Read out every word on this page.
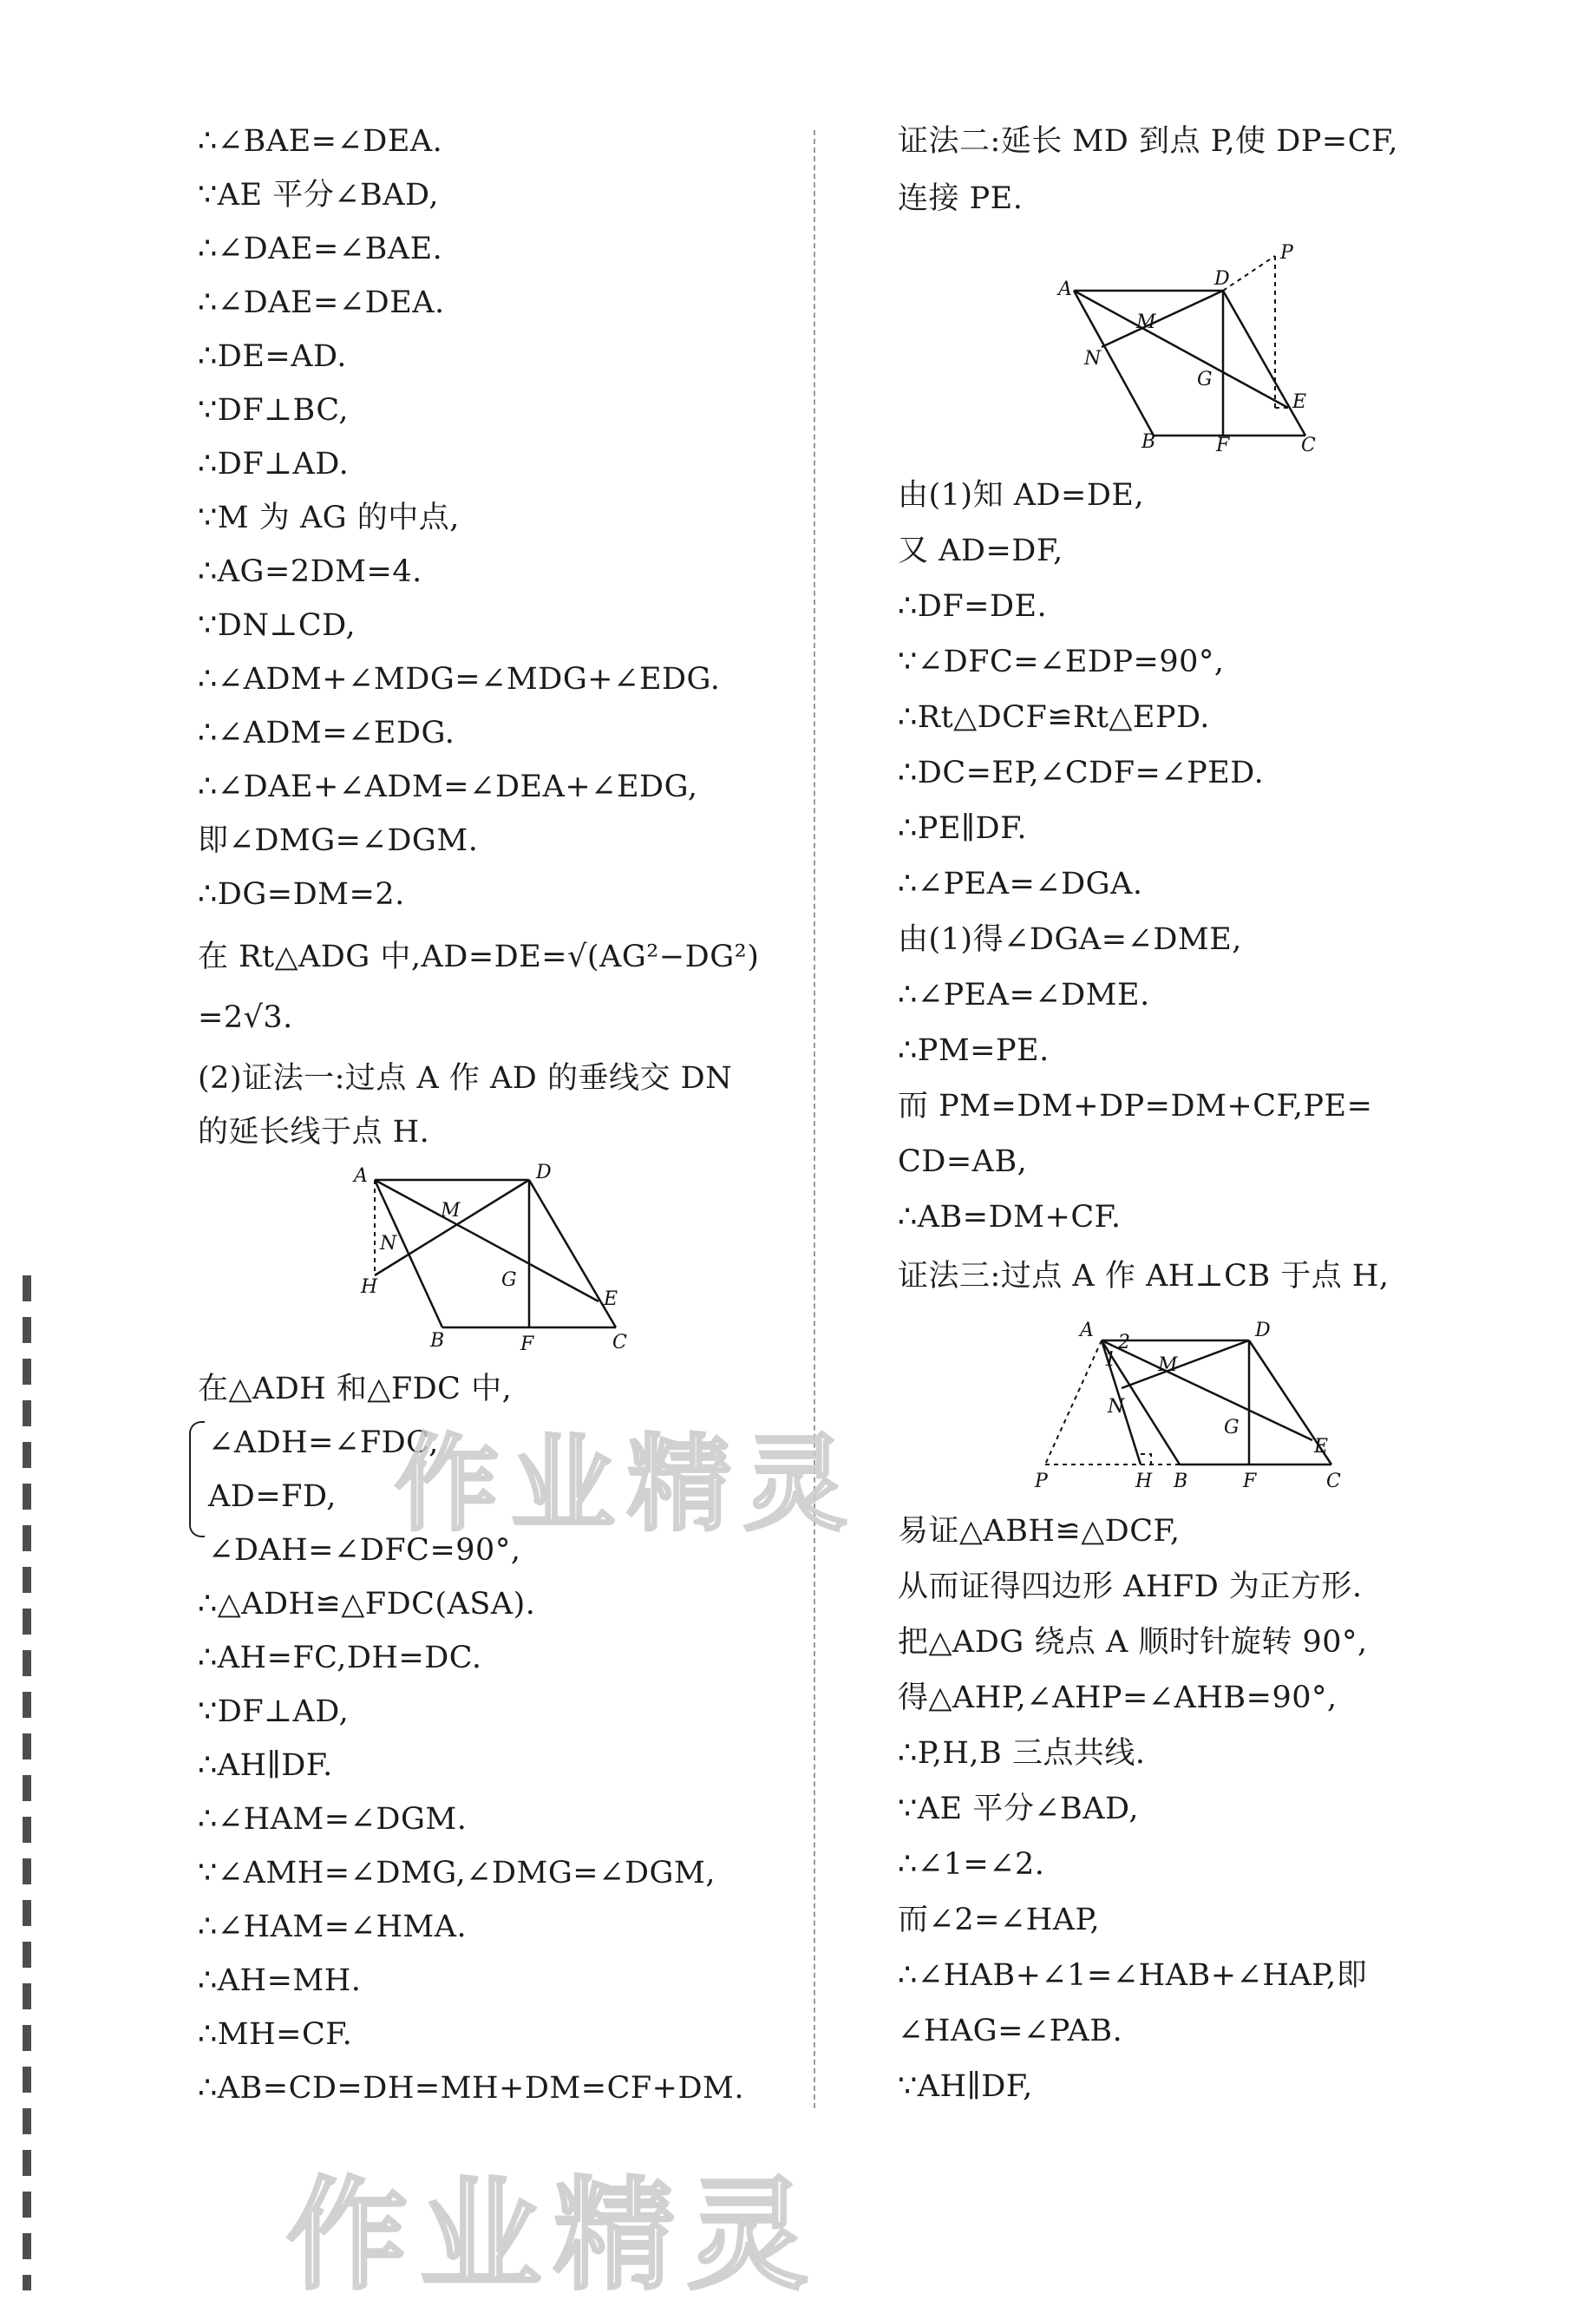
∴∠BAE=∠DEA.
∵AE 平分∠BAD,
∴∠DAE=∠BAE.
∴∠DAE=∠DEA.
∴DE=AD.
∵DF⊥BC,
∴DF⊥AD.
∵M 为 AG 的中点,
∴AG=2DM=4.
∵DN⊥CD,
∴∠ADM+∠MDG=∠MDG+∠EDG.
∴∠ADM=∠EDG.
∴∠DAE+∠ADM=∠DEA+∠EDG,
即∠DMG=∠DGM.
∴DG=DM=2.
在 Rt△ADG 中,AD=DE=√(AG²−DG²)
=2√3.
(2)证法一:过点 A 作 AD 的垂线交 DN
的延长线于点 H.
A	D
M
N
H	G
E
B	F	C
在△ADH 和△FDC 中,
∠ADH=∠FDC,
AD=FD,
∠DAH=∠DFC=90°,
∴△ADH≌△FDC(ASA).
∴AH=FC,DH=DC.
∵DF⊥AD,
∴AH∥DF.
∴∠HAM=∠DGM.
∵∠AMH=∠DMG,∠DMG=∠DGM,
∴∠HAM=∠HMA.
∴AH=MH.
∴MH=CF.
∴AB=CD=DH=MH+DM=CF+DM.
证法二:延长 MD 到点 P,使 DP=CF,
连接 PE.
A	D
P
M
N
G
E
B	F	C
由(1)知 AD=DE,
又 AD=DF,
∴DF=DE.
∵∠DFC=∠EDP=90°,
∴Rt△DCF≌Rt△EPD.
∴DC=EP,∠CDF=∠PED.
∴PE∥DF.
∴∠PEA=∠DGA.
由(1)得∠DGA=∠DME,
∴∠PEA=∠DME.
∴PM=PE.
而 PM=DM+DP=DM+CF,PE=
CD=AB,
∴AB=DM+CF.
证法三:过点 A 作 AH⊥CB 于点 H,
A
1
2
D
M
N
G
E
P	H B	F	C
易证△ABH≌△DCF,
从而证得四边形 AHFD 为正方形.
把△ADG 绕点 A 顺时针旋转 90°,
得△AHP,∠AHP=∠AHB=90°,
∴P,H,B 三点共线.
∵AE 平分∠BAD,
∴∠1=∠2.
而∠2=∠HAP,
∴∠HAB+∠1=∠HAB+∠HAP,即
∠HAG=∠PAB.
∵AH∥DF,
作业精灵
作业精灵
